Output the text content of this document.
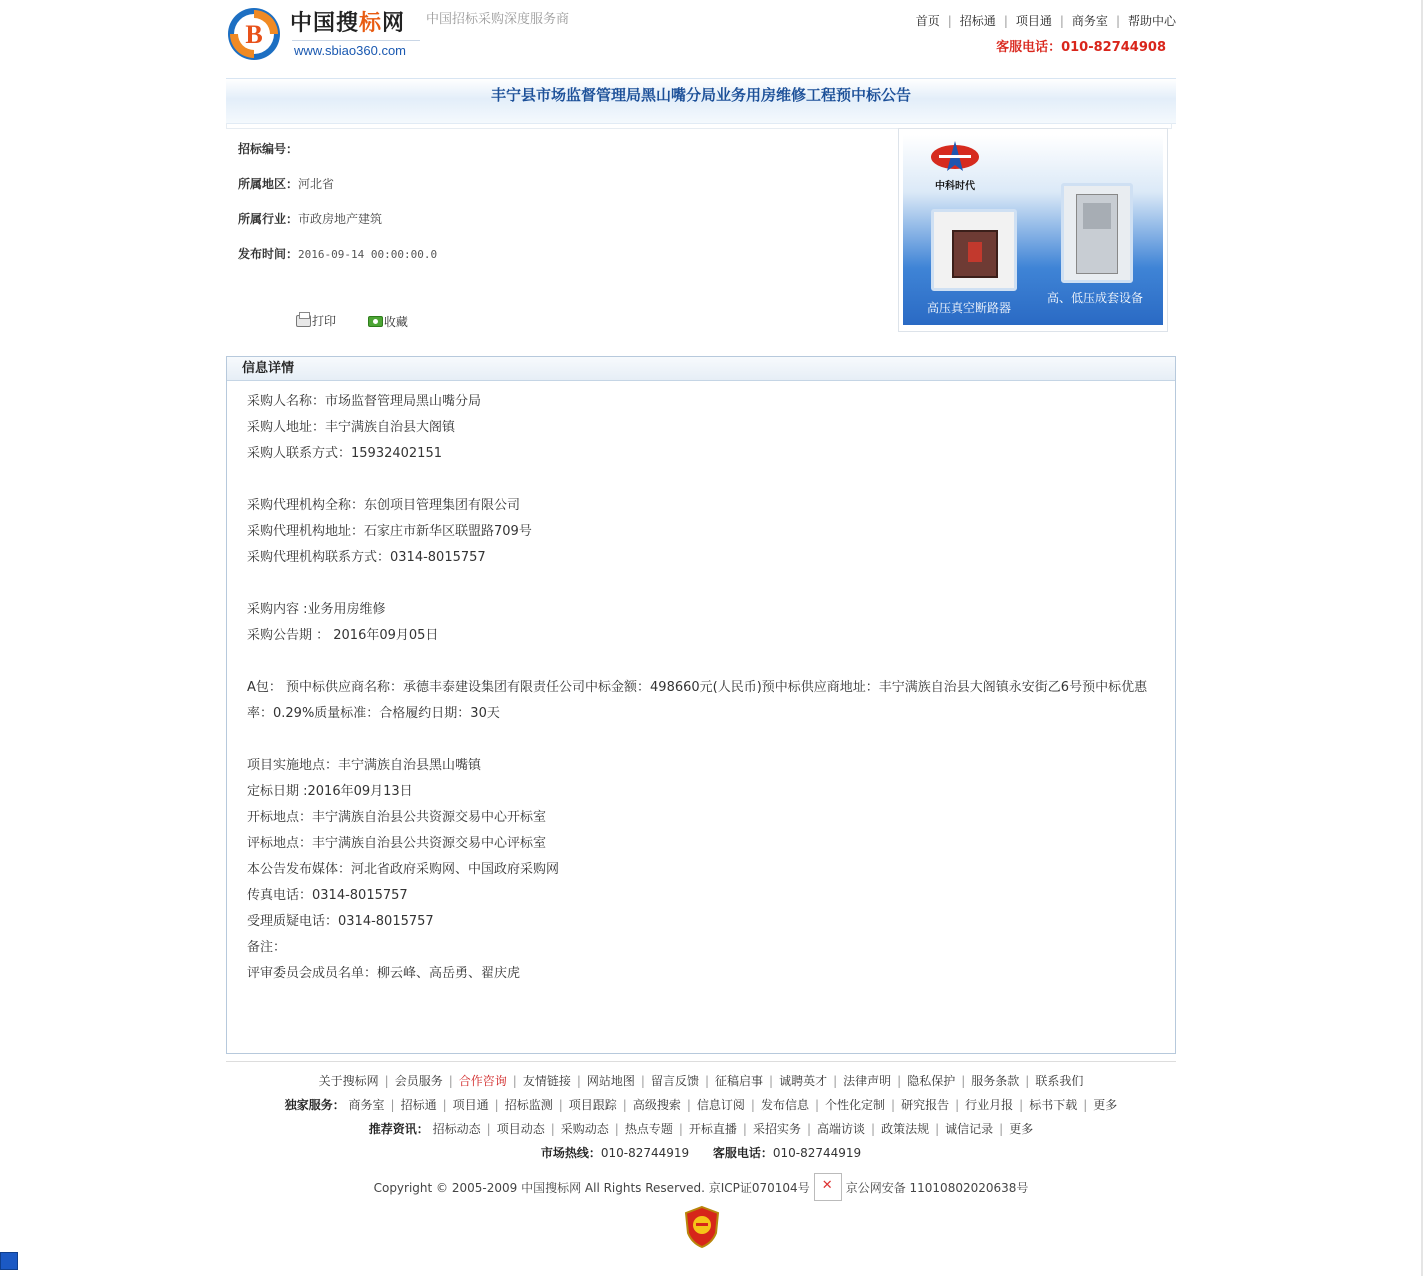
B 中国搜标网
www.sbiao360.com
中国招标采购深度服务商	首页 | 招标通 | 项目通 | 商务室 | 帮助中心
客服电话：010-82744908
丰宁县市场监督管理局黑山嘴分局业务用房维修工程预中标公告
招标编号：
所属地区：河北省
所属行业：市政房地产建筑
发布时间：2016-09-14 00:00:00.0
打印
	收藏
中科时代
高压真空断路器
高、低压成套设备
信息详情

采购人名称：市场监督管理局黑山嘴分局

采购人地址：丰宁满族自治县大阁镇

采购人联系方式：15932402151

采购代理机构全称：东创项目管理集团有限公司

采购代理机构地址：石家庄市新华区联盟路709号

采购代理机构联系方式：0314-8015757

采购内容 :业务用房维修

采购公告期 ： 2016年09月05日

A包： 预中标供应商名称：承德丰泰建设集团有限责任公司中标金额：498660元(人民币)预中标供应商地址：丰宁满族自治县大阁镇永安街乙6号预中标优惠率：0.29%质量标准：合格履约日期：30天

项目实施地点：丰宁满族自治县黑山嘴镇

定标日期 :2016年09月13日

开标地点：丰宁满族自治县公共资源交易中心开标室

评标地点：丰宁满族自治县公共资源交易中心评标室

本公告发布媒体：河北省政府采购网、中国政府采购网

传真电话：0314-8015757

受理质疑电话：0314-8015757

备注：

评审委员会成员名单：柳云峰、高岳勇、翟庆虎

关于搜标网 | 会员服务 | 合作咨询 | 友情链接 | 网站地图 | 留言反馈 | 征稿启事 | 诚聘英才 | 法律声明 | 隐私保护 | 服务条款 | 联系我们
独家服务： 商务室 | 招标通 | 项目通 | 招标监测 | 项目跟踪 | 高级搜索 | 信息订阅 | 发布信息 | 个性化定制 | 研究报告 | 行业月报 | 标书下载 | 更多
推荐资讯： 招标动态 | 项目动态 | 采购动态 | 热点专题 | 开标直播 | 采招实务 | 高端访谈 | 政策法规 | 诚信记录 | 更多
市场热线：010-82744919 客服电话：010-82744919
Copyright © 2005-2009 中国搜标网 All Rights Reserved. 京ICP证070104号
✕	京公网安备 11010802020638号
